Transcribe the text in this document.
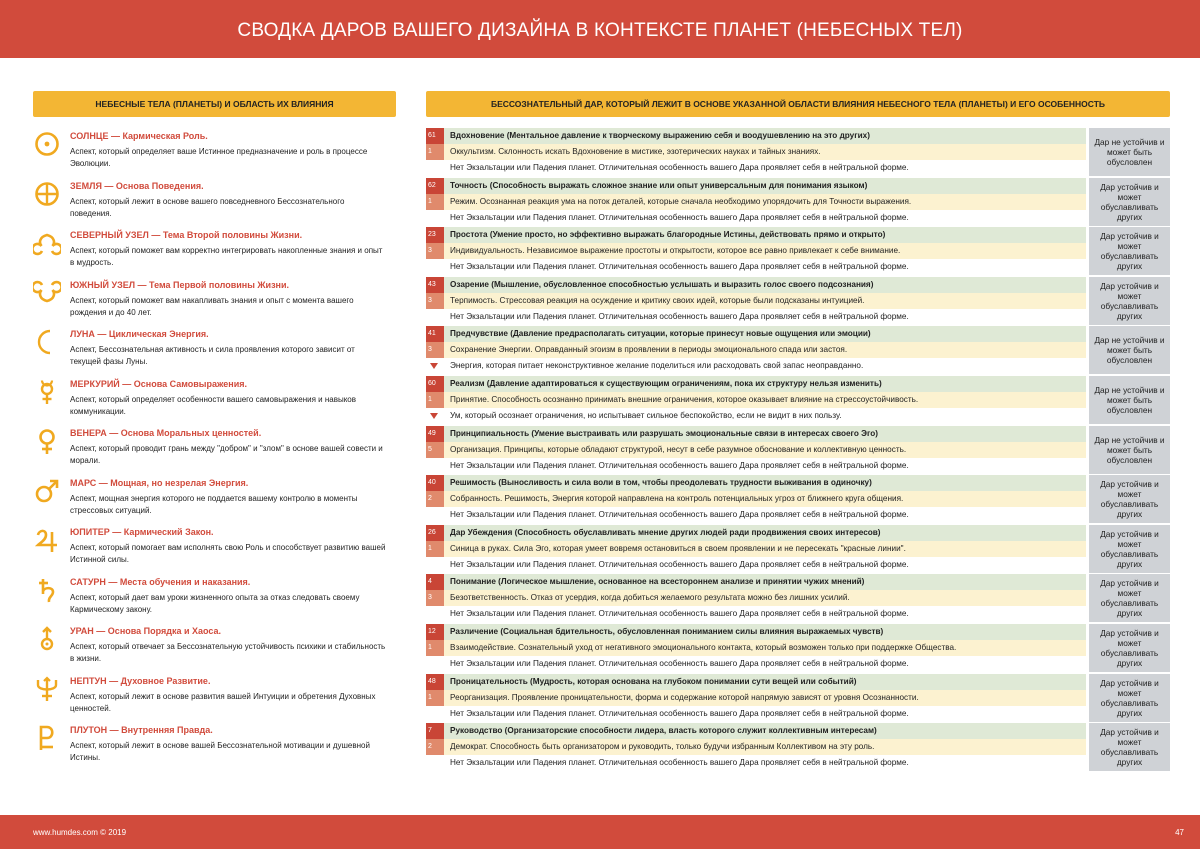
СВОДКА ДАРОВ ВАШЕГО ДИЗАЙНА В КОНТЕКСТЕ ПЛАНЕТ (НЕБЕСНЫХ ТЕЛ)
НЕБЕСНЫЕ ТЕЛА (ПЛАНЕТЫ) И ОБЛАСТЬ ИХ ВЛИЯНИЯ	БЕССОЗНАТЕЛЬНЫЙ ДАР, КОТОРЫЙ ЛЕЖИТ В ОСНОВЕ УКАЗАННОЙ ОБЛАСТИ ВЛИЯНИЯ НЕБЕСНОГО ТЕЛА (ПЛАНЕТЫ) И ЕГО ОСОБЕННОСТЬ
СОЛНЦЕ — Кармическая Роль.
Аспект, который определяет ваше Истинное предназначение и роль в процессе Эволюции.
ЗЕМЛЯ — Основа Поведения.
Аспект, который лежит в основе вашего повседневного Бессознательного поведения.
СЕВЕРНЫЙ УЗЕЛ — Тема Второй половины Жизни.
Аспект, который поможет вам корректно интегрировать накопленные знания и опыт в мудрость.
ЮЖНЫЙ УЗЕЛ — Тема Первой половины Жизни.
Аспект, который поможет вам накапливать знания и опыт с момента вашего рождения и до 40 лет.
ЛУНА — Циклическая Энергия.
Аспект, Бессознательная активность и сила проявления которого зависит от текущей фазы Луны.
МЕРКУРИЙ — Основа Самовыражения.
Аспект, который определяет особенности вашего самовыражения и навыков коммуникации.
ВЕНЕРА — Основа Моральных ценностей.
Аспект, который проводит грань между "добром" и "злом" в основе вашей совести и морали.
МАРС — Мощная, но незрелая Энергия.
Аспект, мощная энергия которого не поддается вашему контролю в моменты стрессовых ситуаций.
ЮПИТЕР — Кармический Закон.
Аспект, который помогает вам исполнять свою Роль и способствует развитию вашей Истинной силы.
САТУРН — Места обучения и наказания.
Аспект, который дает вам уроки жизненного опыта за отказ следовать своему Кармическому закону.
УРАН — Основа Порядка и Хаоса.
Аспект, который отвечает за Бессознательную устойчивость психики и стабильность в жизни.
НЕПТУН — Духовное Развитие.
Аспект, который лежит в основе развития вашей Интуиции и обретения Духовных ценностей.
ПЛУТОН — Внутренняя Правда.
Аспект, который лежит в основе вашей Бессознательной мотивации и душевной Истины.
61	Вдохновение (Ментальное давление к творческому выражению себя и воодушевлению на это других)
1	Оккультизм. Склонность искать Вдохновение в мистике, эзотерических науках и тайных знаниях.
Нет Экзальтации или Падения планет. Отличительная особенность вашего Дара проявляет себя в нейтральной форме.
Дар не устойчив и может быть обусловлен
62	Точность (Способность выражать сложное знание или опыт универсальным для понимания языком)
1	Режим. Осознанная реакция ума на поток деталей, которые сначала необходимо упорядочить для Точности выражения.
Нет Экзальтации или Падения планет. Отличительная особенность вашего Дара проявляет себя в нейтральной форме.
Дар устойчив и может обуславливать других
23	Простота (Умение просто, но эффективно выражать благородные Истины, действовать прямо и открыто)
3	Индивидуальность. Независимое выражение простоты и открытости, которое все равно привлекает к себе внимание.
Нет Экзальтации или Падения планет. Отличительная особенность вашего Дара проявляет себя в нейтральной форме.
Дар устойчив и может обуславливать других
43	Озарение (Мышление, обусловленное способностью услышать и выразить голос своего подсознания)
3	Терпимость. Стрессовая реакция на осуждение и критику своих идей, которые были подсказаны интуицией.
Нет Экзальтации или Падения планет. Отличительная особенность вашего Дара проявляет себя в нейтральной форме.
Дар устойчив и может обуславливать других
41	Предчувствие (Давление предрасполагать ситуации, которые принесут новые ощущения или эмоции)
3	Сохранение Энергии. Оправданный эгоизм в проявлении в периоды эмоционального спада или застоя.
Энергия, которая питает неконструктивное желание поделиться или расходовать свой запас неоправданно.
Дар не устойчив и может быть обусловлен
60	Реализм (Давление адаптироваться к существующим ограничениям, пока их структуру нельзя изменить)
1	Принятие. Способность осознанно принимать внешние ограничения, которое оказывает влияние на стрессоустойчивость.
Ум, который осознает ограничения, но испытывает сильное беспокойство, если не видит в них пользу.
Дар не устойчив и может быть обусловлен
49	Принципиальность (Умение выстраивать или разрушать эмоциональные связи в интересах своего Эго)
5	Организация. Принципы, которые обладают структурой, несут в себе разумное обоснование и коллективную ценность.
Нет Экзальтации или Падения планет. Отличительная особенность вашего Дара проявляет себя в нейтральной форме.
Дар не устойчив и может быть обусловлен
40	Решимость (Выносливость и сила воли в том, чтобы преодолевать трудности выживания в одиночку)
2	Собранность. Решимость, Энергия которой направлена на контроль потенциальных угроз от ближнего круга общения.
Нет Экзальтации или Падения планет. Отличительная особенность вашего Дара проявляет себя в нейтральной форме.
Дар устойчив и может обуславливать других
26	Дар Убеждения (Способность обуславливать мнение других людей ради продвижения своих интересов)
1	Синица в руках. Сила Эго, которая умеет вовремя остановиться в своем проявлении и не пересекать "красные линии".
Нет Экзальтации или Падения планет. Отличительная особенность вашего Дара проявляет себя в нейтральной форме.
Дар устойчив и может обуславливать других
4	Понимание (Логическое мышление, основанное на всестороннем анализе и принятии чужих мнений)
3	Безответственность. Отказ от усердия, когда добиться желаемого результата можно без лишних усилий.
Нет Экзальтации или Падения планет. Отличительная особенность вашего Дара проявляет себя в нейтральной форме.
Дар устойчив и может обуславливать других
12	Различение (Социальная бдительность, обусловленная пониманием силы влияния выражаемых чувств)
1	Взаимодействие. Сознательный уход от негативного эмоционального контакта, который возможен только при поддержке Общества.
Нет Экзальтации или Падения планет. Отличительная особенность вашего Дара проявляет себя в нейтральной форме.
Дар устойчив и может обуславливать других
48	Проницательность (Мудрость, которая основана на глубоком понимании сути вещей или событий)
1	Реорганизация. Проявление проницательности, форма и содержание которой напрямую зависят от уровня Осознанности.
Нет Экзальтации или Падения планет. Отличительная особенность вашего Дара проявляет себя в нейтральной форме.
Дар устойчив и может обуславливать других
7	Руководство (Организаторские способности лидера, власть которого служит коллективным интересам)
2	Демократ. Способность быть организатором и руководить, только будучи избранным Коллективом на эту роль.
Нет Экзальтации или Падения планет. Отличительная особенность вашего Дара проявляет себя в нейтральной форме.
Дар устойчив и может обуславливать других
www.humdes.com © 2019	47
